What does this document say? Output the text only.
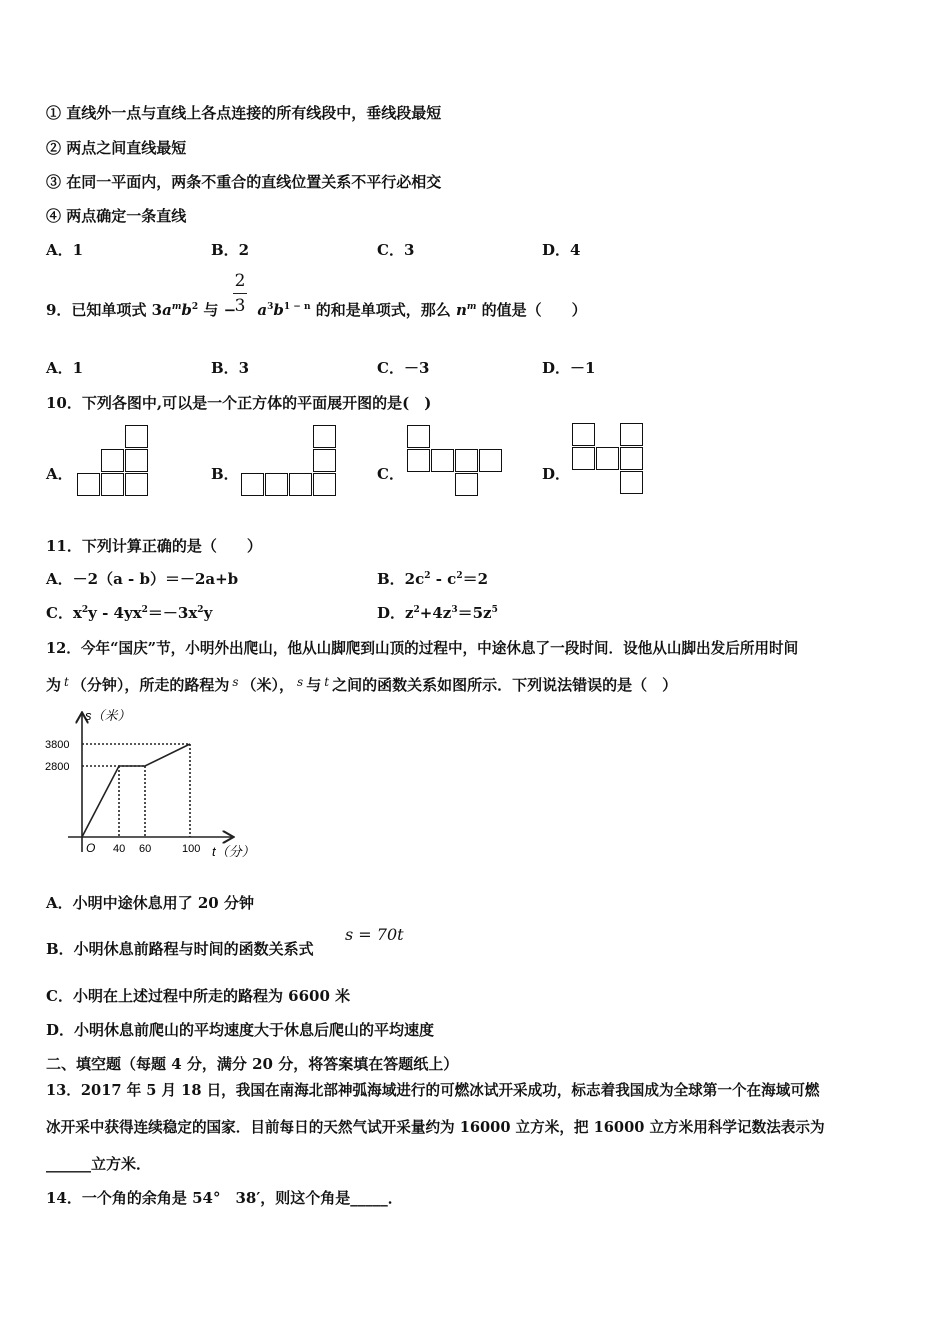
① 直线外一点与直线上各点连接的所有线段中，垂线段最短
② 两点之间直线最短
③ 在同一平面内，两条不重合的直线位置关系不平行必相交
④ 两点确定一条直线
A．1	B．2	C．3	D．4
9．已知单项式 $3a^mb^2$ 与 − $a^3b^{1 - n}$ 的和是单项式，那么 $n^m$ 的值是（　　）
2
3
A．1	B．3	C．－3	D．－1
10．下列各图中,可以是一个正方体的平面展开图的是(　)
A．	B．	C．	D．
11．下列计算正确的是（　　）
A．－2（a - b）＝－2a+b	B．$2c^2 - c^2=2$
C．$x^2y - 4yx^2=-3x^2y$	D．$z^2+4z^3=5z^5$
12．今年“国庆”节，小明外出爬山，他从山脚爬到山顶的过程中，中途休息了一段时间．设他从山脚出发后所用时间
为 $^t$ （分钟），所走的路程为 $^s$ （米）， $^s$ 与 $^t$ 之间的函数关系如图所示．下列说法错误的是（　）
40 60	100
2800
3800
s（米）
t（分）
O
A．小明中途休息用了 20 分钟
B．小明休息前路程与时间的函数关系式
s = 70t
C．小明在上述过程中所走的路程为 6600 米
D．小明休息前爬山的平均速度大于休息后爬山的平均速度
二、填空题（每题 4 分，满分 20 分，将答案填在答题纸上）
13．2017 年 5 月 18 日，我国在南海北部神弧海域进行的可燃冰试开采成功，标志着我国成为全球第一个在海域可燃
冰开采中获得连续稳定的国家．目前每日的天然气试开采量约为 16000 立方米，把 16000 立方米用科学记数法表示为
______立方米．
14．一个角的余角是 54°　38′，则这个角是_____．
